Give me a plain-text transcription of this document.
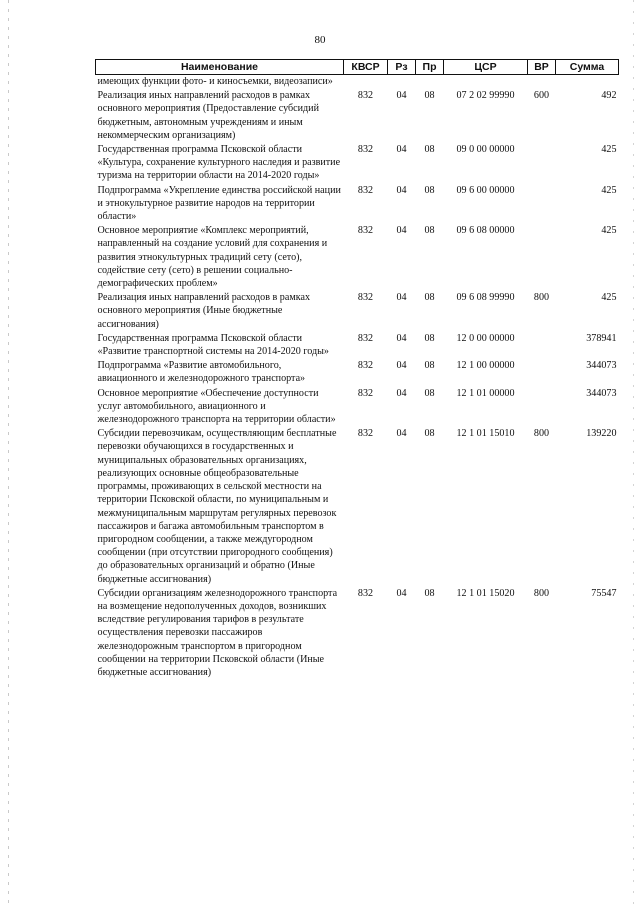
80
Наименование	КВСР	Рз	Пр	ЦСР	ВР	Сумма
имеющих функции фото- и киносъемки, видеозаписи»						
Реализация иных направлений расходов в рамках основного мероприятия (Предоставление субсидий бюджетным, автономным учреждениям и иным некоммерческим организациям)	832	04	08	07 2 02 99990	600	492
Государственная программа Псковской области «Культура, сохранение культурного наследия и развитие туризма на территории области на 2014-2020 годы»	832	04	08	09 0 00 00000		425
Подпрограмма «Укрепление единства российской нации и этнокультурное развитие народов на территории области»	832	04	08	09 6 00 00000		425
Основное мероприятие «Комплекс мероприятий, направленный на создание условий для сохранения и развития этнокультурных традиций сету (сето), содействие сету (сето) в решении социально-демографических проблем»	832	04	08	09 6 08 00000		425
Реализация иных направлений расходов в рамках основного мероприятия (Иные бюджетные ассигнования)	832	04	08	09 6 08 99990	800	425
Государственная программа Псковской области «Развитие транспортной системы на 2014-2020 годы»	832	04	08	12 0 00 00000		378941
Подпрограмма «Развитие автомобильного, авиационного и железнодорожного транспорта»	832	04	08	12 1 00 00000		344073
Основное мероприятие «Обеспечение доступности услуг автомобильного, авиационного и железнодорожного транспорта на территории области»	832	04	08	12 1 01 00000		344073
Субсидии перевозчикам, осуществляющим бесплатные перевозки обучающихся в государственных и муниципальных образовательных организациях, реализующих основные общеобразовательные программы, проживающих в сельской местности на территории Псковской области, по муниципальным и межмуниципальным маршрутам регулярных перевозок пассажиров и багажа автомобильным транспортом в пригородном сообщении, а также междугородном сообщении (при отсутствии пригородного сообщения) до образовательных организаций и обратно (Иные бюджетные ассигнования)	832	04	08	12 1 01 15010	800	139220
Субсидии организациям железнодорожного транспорта на возмещение недополученных доходов, возникших вследствие регулирования тарифов в результате осуществления перевозки пассажиров железнодорожным транспортом в пригородном сообщении на территории Псковской области (Иные бюджетные ассигнования)	832	04	08	12 1 01 15020	800	75547
